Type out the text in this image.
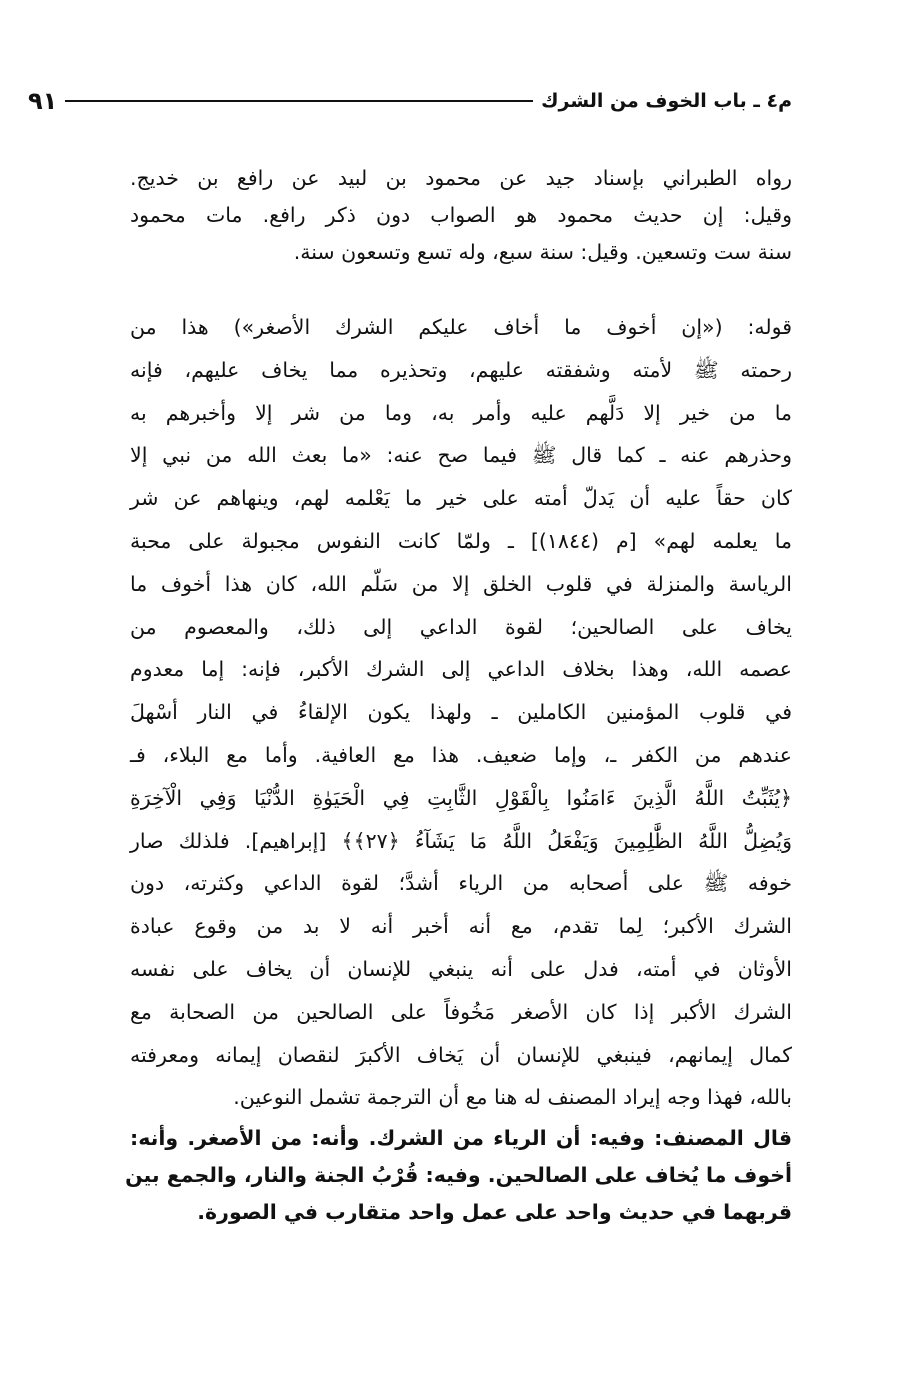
م٤ ـ باب الخوف من الشرك
٩١
رواه الطبراني بإسناد جيد عن محمود بن لبيد عن رافع بن خديج.
وقيل: إن حديث محمود هو الصواب دون ذكر رافع. مات محمود
سنة ست وتسعين. وقيل: سنة سبع، وله تسع وتسعون سنة.
قوله: («إن أخوف ما أخاف عليكم الشرك الأصغر») هذا من
رحمته ﷺ لأمته وشفقته عليهم، وتحذيره مما يخاف عليهم، فإنه
ما من خير إلا دَلَّهم عليه وأمر به، وما من شر إلا وأخبرهم به
وحذرهم عنه ـ كما قال ﷺ فيما صح عنه: «ما بعث الله من نبي إلا
كان حقاً عليه أن يَدلّ أمته على خير ما يَعْلمه لهم، وينهاهم عن شر
ما يعلمه لهم» [م (١٨٤٤)] ـ ولمّا كانت النفوس مجبولة على محبة
الرياسة والمنزلة في قلوب الخلق إلا من سَلّم الله، كان هذا أخوف ما
يخاف على الصالحين؛ لقوة الداعي إلى ذلك، والمعصوم من
عصمه الله، وهذا بخلاف الداعي إلى الشرك الأكبر، فإنه: إما معدوم
في قلوب المؤمنين الكاملين ـ ولهذا يكون الإلقاءُ في النار أسْهلَ
عندهم من الكفر ـ، وإما ضعيف. هذا مع العافية. وأما مع البلاء، فـ
﴿يُثَبِّتُ اللَّهُ الَّذِينَ ءَامَنُوا بِالْقَوْلِ الثَّابِتِ فِي الْحَيَوٰةِ الدُّنْيَا وَفِي الْآخِرَةِ
وَيُضِلُّ اللَّهُ الظَّٰلِمِينَ وَيَفْعَلُ اللَّهُ مَا يَشَآءُ ﴿٢٧﴾﴾ [إبراهيم]. فلذلك صار
خوفه ﷺ على أصحابه من الرياء أشدَّ؛ لقوة الداعي وكثرته، دون
الشرك الأكبر؛ لِما تقدم، مع أنه أخبر أنه لا بد من وقوع عبادة
الأوثان في أمته، فدل على أنه ينبغي للإنسان أن يخاف على نفسه
الشرك الأكبر إذا كان الأصغر مَخُوفاً على الصالحين من الصحابة مع
كمال إيمانهم، فينبغي للإنسان أن يَخاف الأكبرَ لنقصان إيمانه ومعرفته
بالله، فهذا وجه إيراد المصنف له هنا مع أن الترجمة تشمل النوعين.
قال المصنف: وفيه: أن الرياء من الشرك. وأنه: من الأصغر. وأنه:
أخوف ما يُخاف على الصالحين. وفيه: قُرْبُ الجنة والنار، والجمع بين
قربهما في حديث واحد على عمل واحد متقارب في الصورة.
